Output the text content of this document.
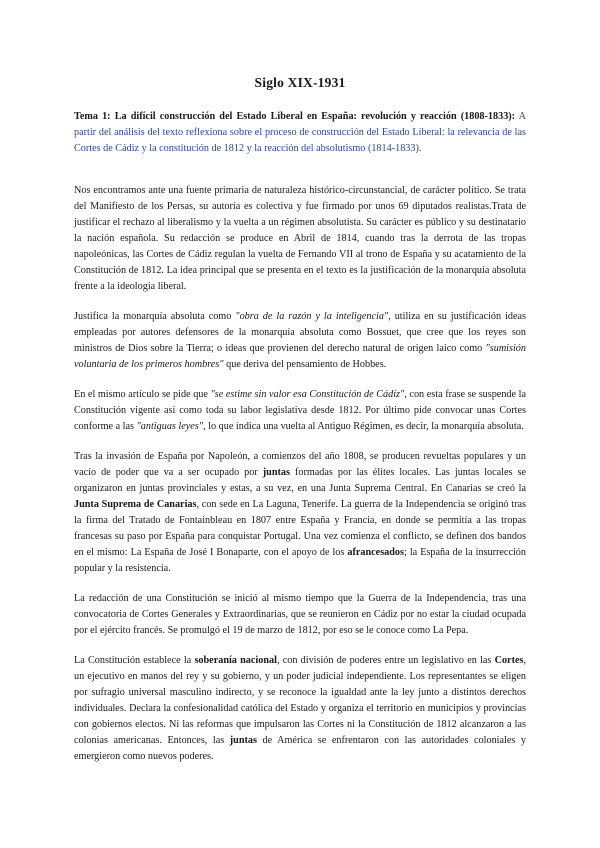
Siglo XIX-1931

Tema 1: La difícil construcción del Estado Liberal en España: revolución y reacción (1808-1833): A partir del análisis del texto reflexiona sobre el proceso de construcción del Estado Liberal: la relevancia de las Cortes de Cádiz y la constitución de 1812 y la reacción del absolutismo (1814-1833).

Nos encontramos ante una fuente primaria de naturaleza histórico-circunstancial, de carácter político. Se trata del Manifiesto de los Persas, su autoría es colectiva y fue firmado por unos 69 diputados realistas.Trata de justificar el rechazo al liberalismo y la vuelta a un régimen absolutista. Su carácter es público y su destinatario la nación española. Su redacción se produce en Abril de 1814, cuando tras la derrota de las tropas napoleónicas, las Cortes de Cádiz regulan la vuelta de Fernando VII al trono de España y su acatamiento de la Constitución de 1812. La idea principal que se presenta en el texto es la justificación de la monarquía absoluta frente a la ideología liberal.

Justifica la monarquía absoluta como "obra de la razón y la inteligencia", utiliza en su justificación ideas empleadas por autores defensores de la monarquía absoluta como Bossuet, que cree que los reyes son ministros de Dios sobre la Tierra; o ideas que provienen del derecho natural de origen laico como "sumisión voluntaria de los primeros hombres" que deriva del pensamiento de Hobbes.

En el mismo artículo se pide que "se estime sin valor esa Constitución de Cádiz", con esta frase se suspende la Constitución vigente así como toda su labor legislativa desde 1812. Por último pide convocar unas Cortes conforme a las "antiguas leyes", lo que indica una vuelta al Antiguo Régimen, es decir, la monarquía absoluta.

Tras la invasión de España por Napoleón, a comienzos del año 1808, se producen revueltas populares y un vacío de poder que va a ser ocupado por juntas formadas por las élites locales. Las juntas locales se organizaron en juntas provinciales y estas, a su vez, en una Junta Suprema Central. En Canarias se creó la Junta Suprema de Canarias, con sede en La Laguna, Tenerife. La guerra de la Independencia se originó tras la firma del Tratado de Fontainbleau en 1807 entre España y Francia, en donde se permitía a las tropas francesas su paso por España para conquistar Portugal. Una vez comienza el conflicto, se definen dos bandos en el mismo: La España de José I Bonaparte, con el apoyo de los afrancesados; la España de la insurrección popular y la resistencia.

La redacción de una Constitución se inició al mismo tiempo que la Guerra de la Independencia, tras una convocatoria de Cortes Generales y Extraordinarias, que se reunieron en Cádiz por no estar la ciudad ocupada por el ejército francés. Se promulgó el 19 de marzo de 1812, por eso se le conoce como La Pepa.

La Constitución establece la soberanía nacional, con división de poderes entre un legislativo en las Cortes, un ejecutivo en manos del rey y su gobierno, y un poder judicial independiente. Los representantes se eligen por sufragio universal masculino indirecto, y se reconoce la igualdad ante la ley junto a distintos derechos individuales. Declara la confesionalidad católica del Estado y organiza el territorio en municipios y provincias con gobiernos electos. Ni las reformas que impulsaron las Cortes ni la Constitución de 1812 alcanzaron a las colonias americanas. Entonces, las juntas de América se enfrentaron con las autoridades coloniales y emergieron como nuevos poderes.
